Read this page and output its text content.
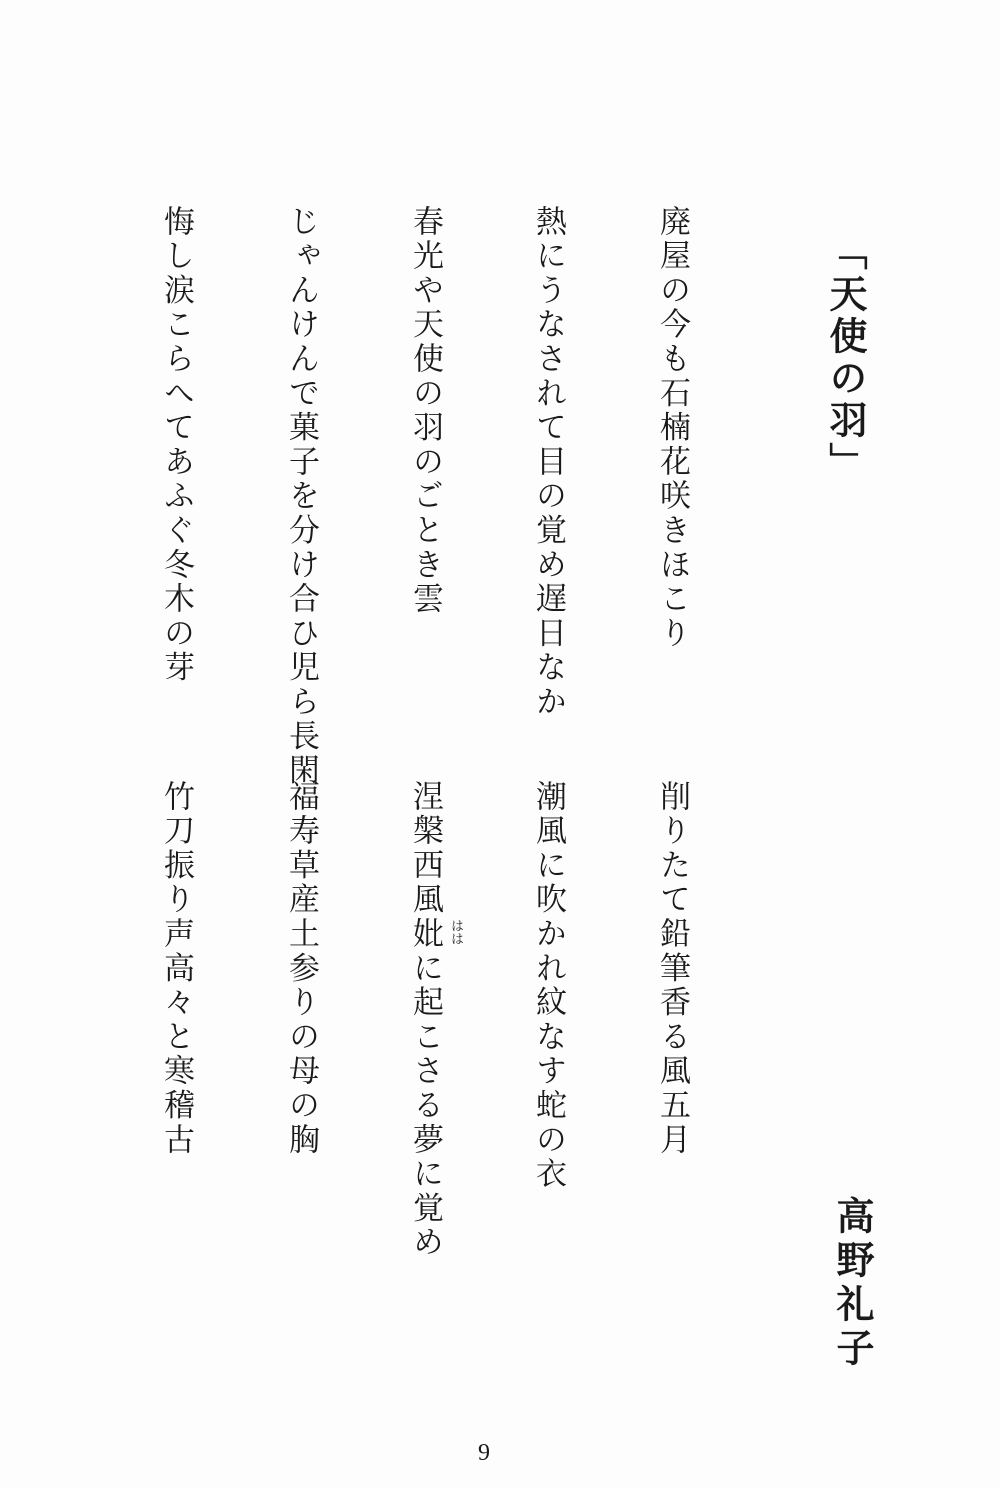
「天使の羽」
廃屋の今も石楠花咲きほこり
熱にうなされて目の覚め遅日なか
春光や天使の羽のごとき雲
じゃんけんで菓子を分け合ひ児ら長閑
悔し涙こらへてあふぐ冬木の芽
削りたて鉛筆香る風五月
潮風に吹かれ紋なす蛇の衣
涅槃西風妣 はは
に起こさる夢に覚め
福寿草産土参りの母の胸
竹刀振り声高々と寒稽古
高野礼子
9
